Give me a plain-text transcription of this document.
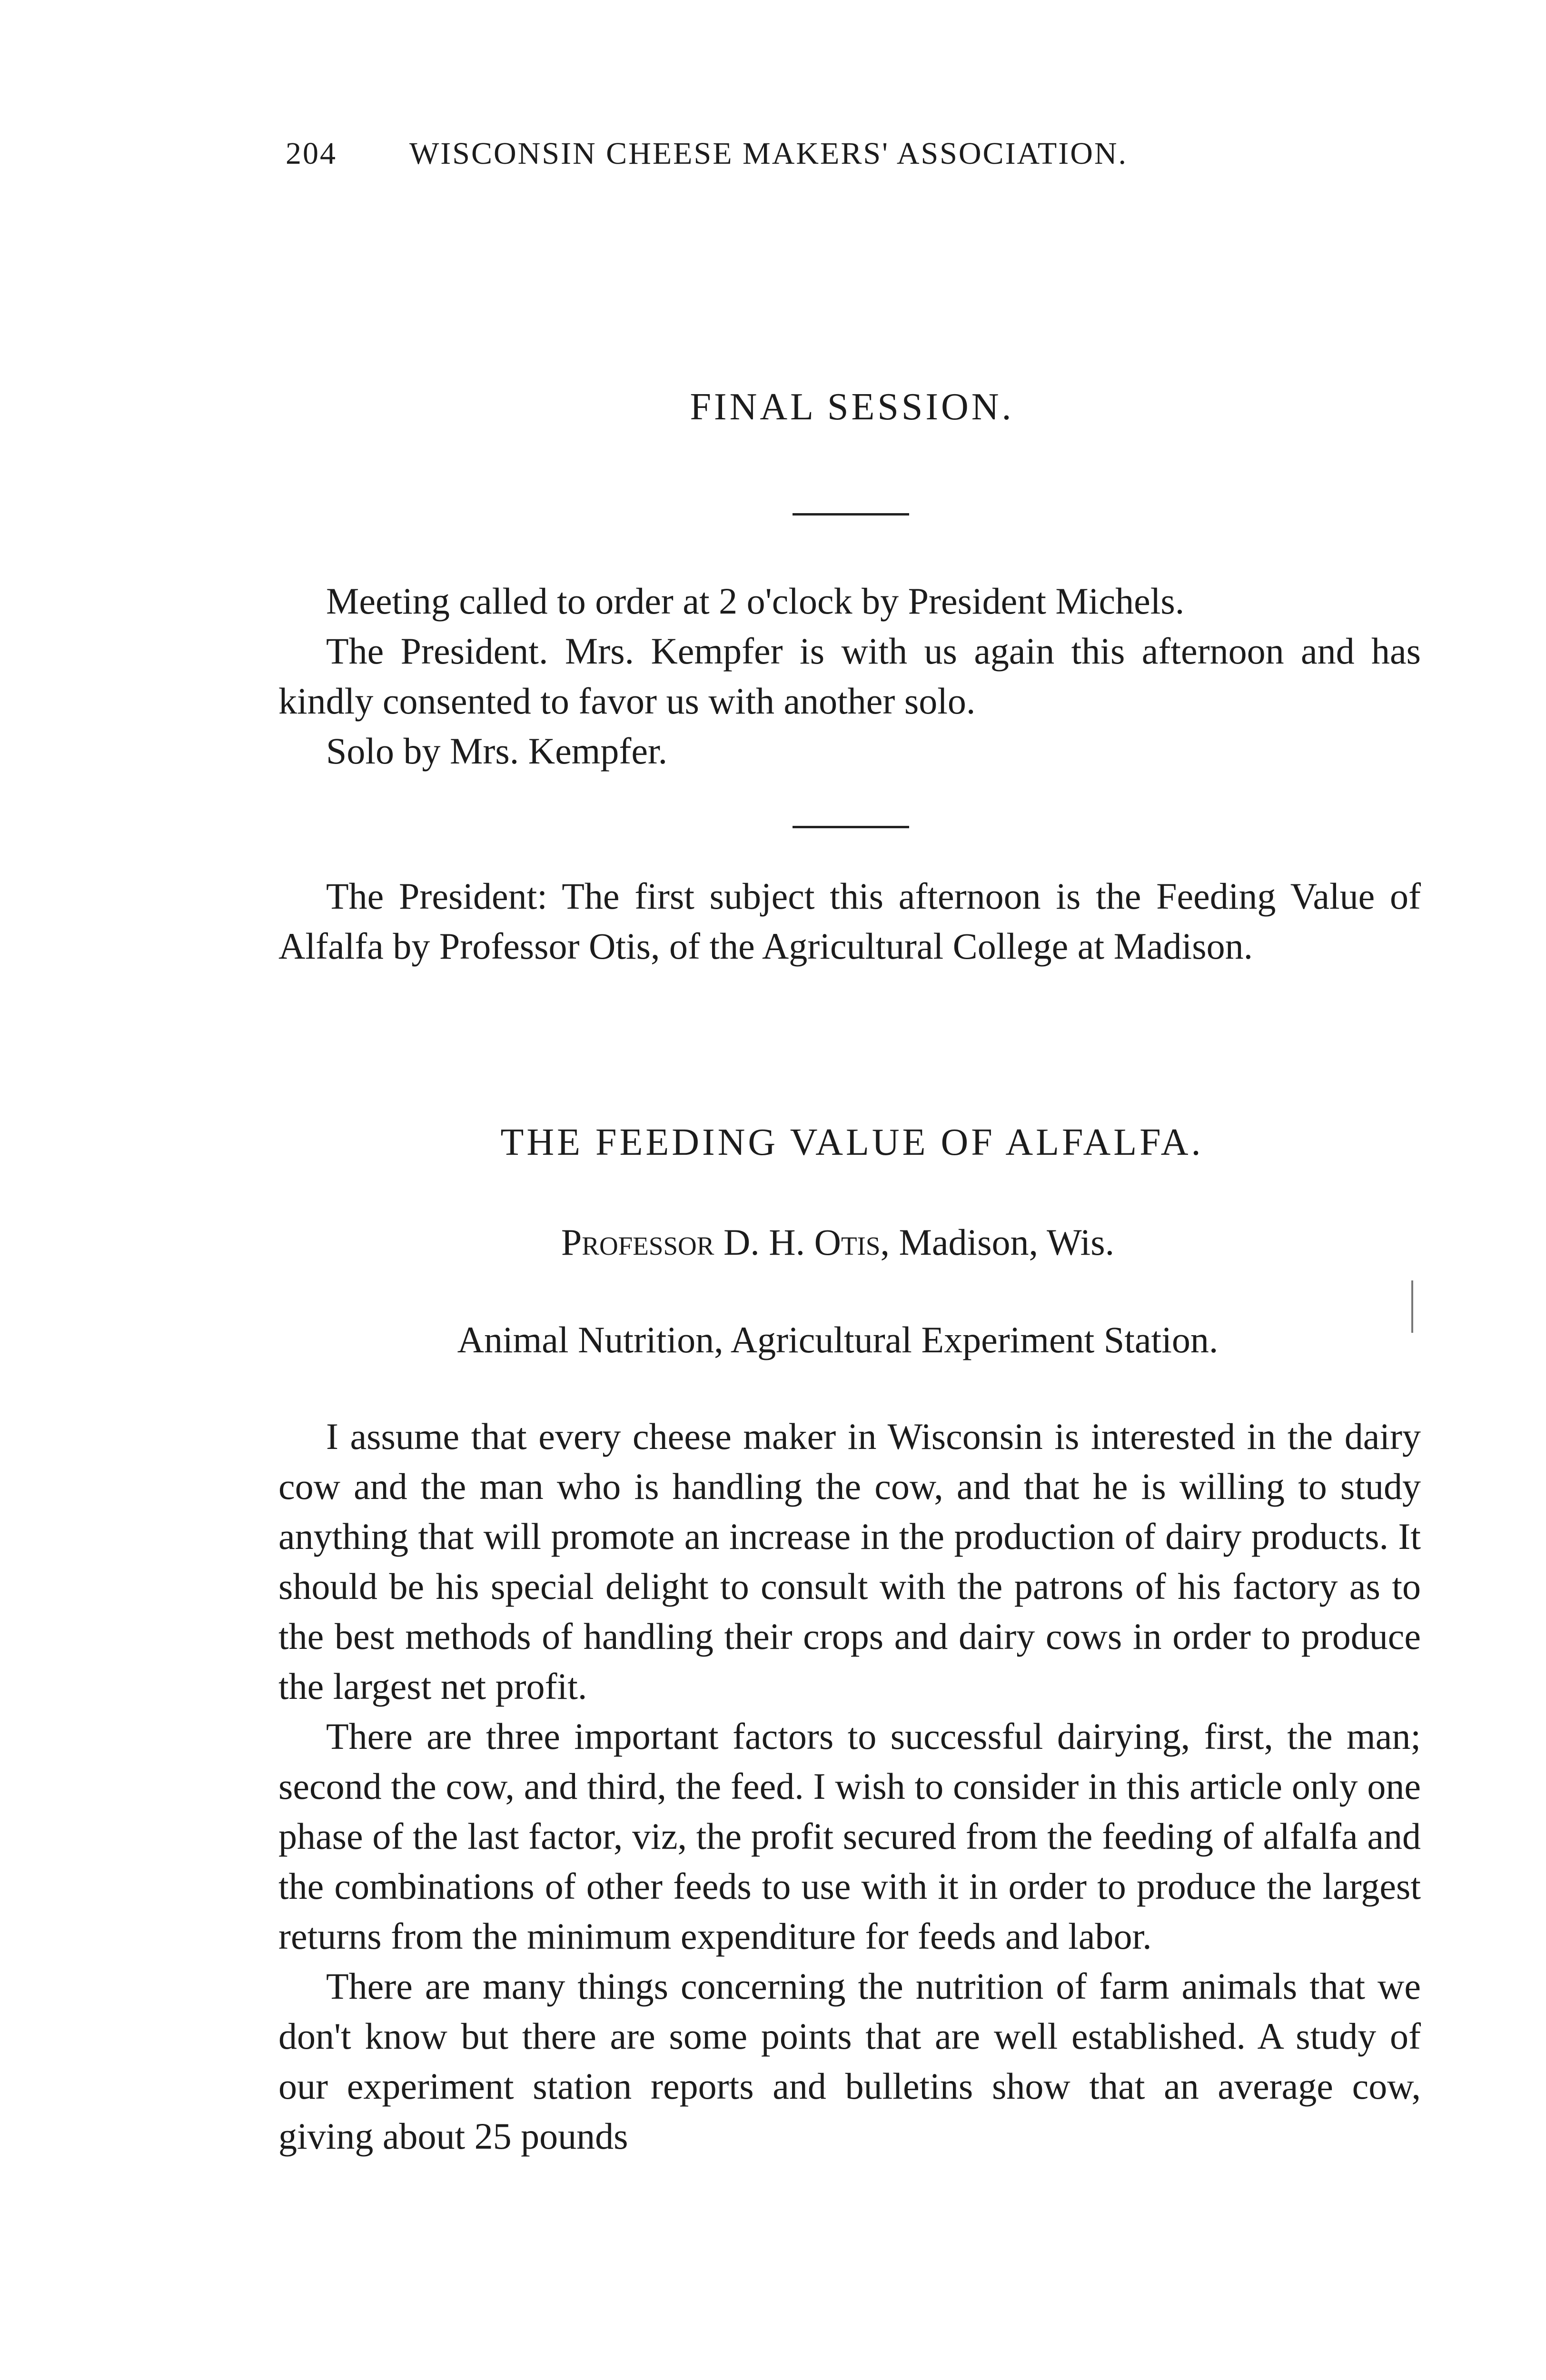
204 WISCONSIN CHEESE MAKERS' ASSOCIATION.
FINAL SESSION.

Meeting called to order at 2 o'clock by President Michels.

The President. Mrs. Kempfer is with us again this afternoon and has kindly consented to favor us with another solo.

Solo by Mrs. Kempfer.

The President: The first subject this afternoon is the Feeding Value of Alfalfa by Professor Otis, of the Agricultural College at Madison.

THE FEEDING VALUE OF ALFALFA.
Professor D. H. Otis, Madison, Wis.
Animal Nutrition, Agricultural Experiment Station.

I assume that every cheese maker in Wisconsin is interested in the dairy cow and the man who is handling the cow, and that he is willing to study anything that will promote an increase in the production of dairy products. It should be his special delight to consult with the patrons of his factory as to the best methods of handling their crops and dairy cows in order to produce the largest net profit.

There are three important factors to successful dairying, first, the man; second the cow, and third, the feed. I wish to consider in this article only one phase of the last factor, viz, the profit secured from the feeding of alfalfa and the combinations of other feeds to use with it in order to produce the largest returns from the minimum expenditure for feeds and labor.

There are many things concerning the nutrition of farm animals that we don't know but there are some points that are well established. A study of our experiment station reports and bulletins show that an average cow, giving about 25 pounds
